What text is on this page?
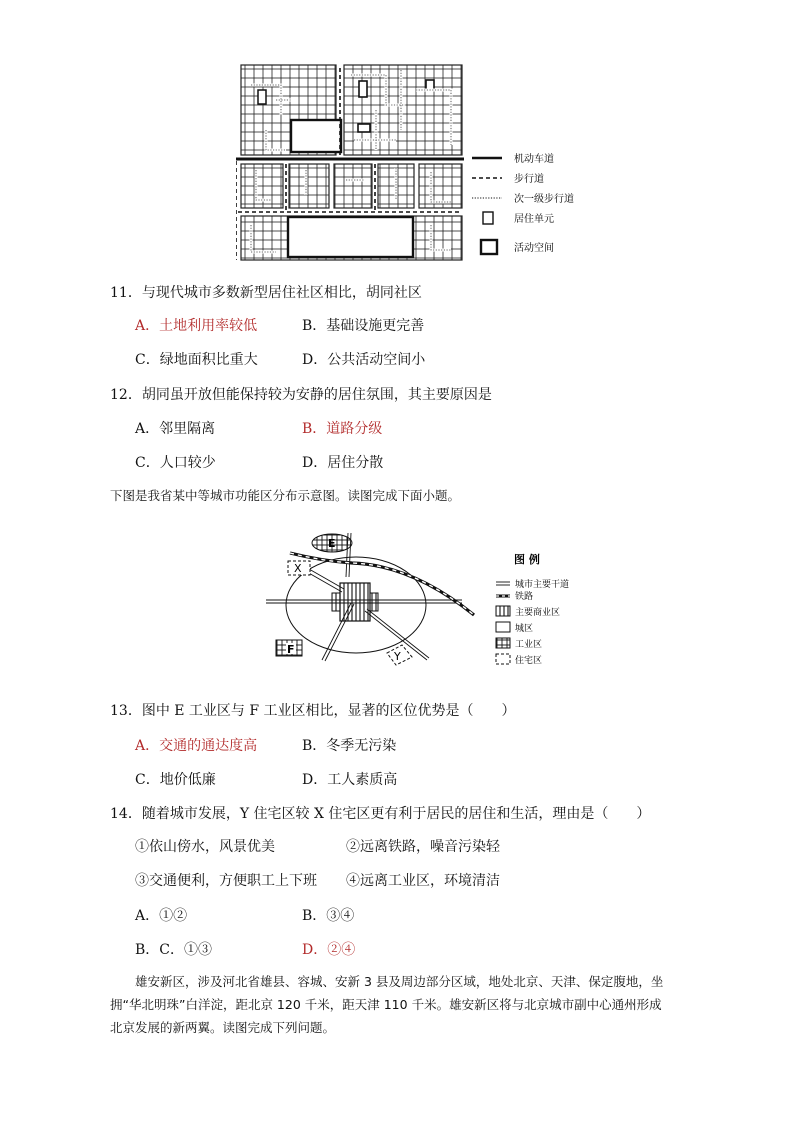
机动车道
步行道
次一级步行道
居住单元
活动空间
11．与现代城市多数新型居住社区相比，胡同社区
A．土地利用率较低	B．基础设施更完善
C．绿地面积比重大	D．公共活动空间小
12．胡同虽开放但能保持较为安静的居住氛围，其主要原因是
A．邻里隔离	B．道路分级
C．人口较少	D．居住分散
下图是我省某中等城市功能区分布示意图。读图完成下面小题。
E
F
X
Y
图 例
城市主要干道
铁路
主要商业区
城区
工业区
住宅区
13．图中 E 工业区与 F 工业区相比，显著的区位优势是（　　）
A．交通的通达度高	B．冬季无污染
C．地价低廉	D．工人素质高
14．随着城市发展，Y 住宅区较 X 住宅区更有利于居民的居住和生活，理由是（　　）
①依山傍水，风景优美	②远离铁路，噪音污染轻
③交通便利，方便职工上下班 ④远离工业区，环境清洁
A．①②	B．③④
B．C．①③	D．②④
　　雄安新区，涉及河北省雄县、容城、安新 3 县及周边部分区域，地处北京、天津、保定腹地，坐
拥“华北明珠”白洋淀，距北京 120 千米，距天津 110 千米。雄安新区将与北京城市副中心通州形成
北京发展的新两翼。读图完成下列问题。
